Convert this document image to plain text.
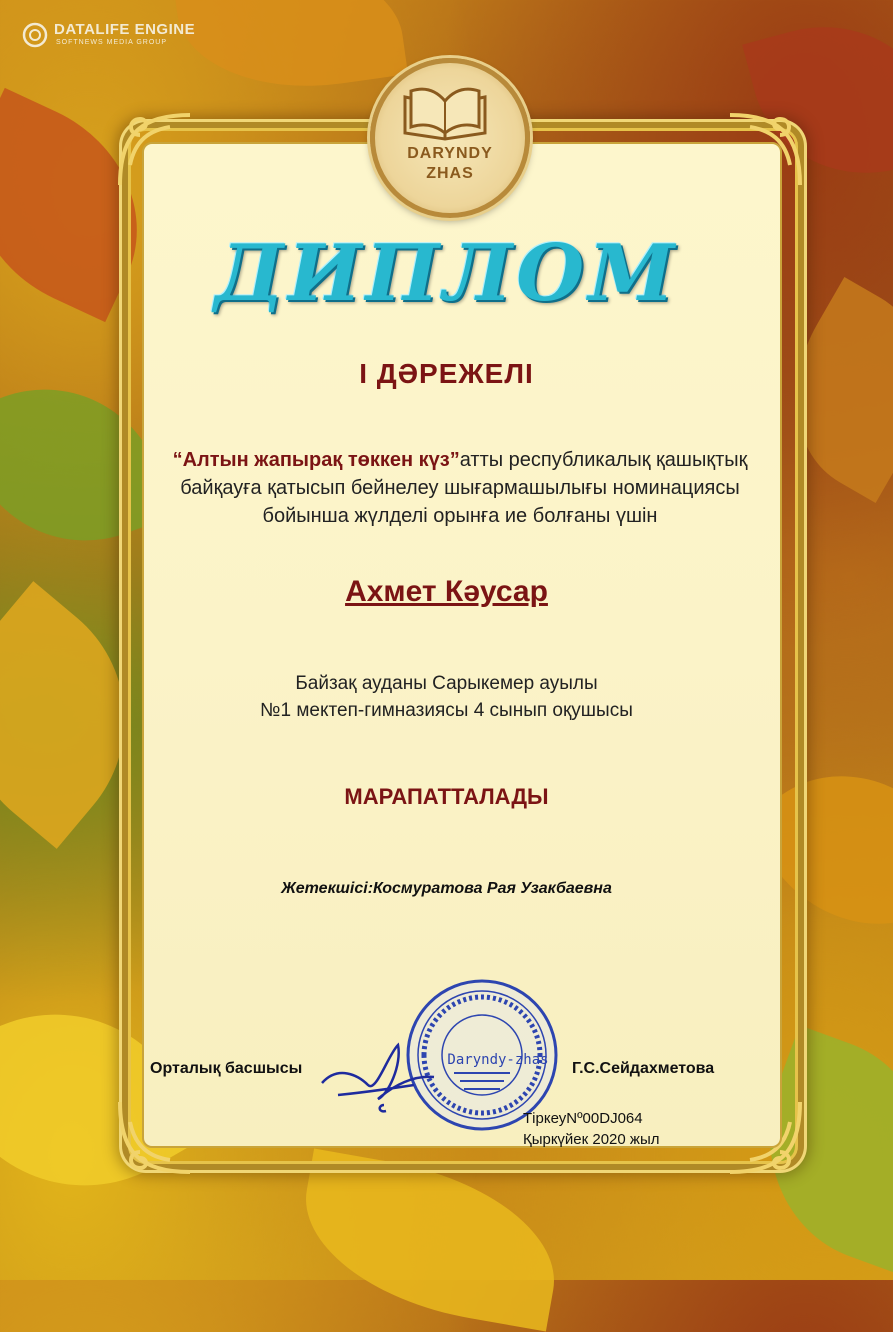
DATALIFE ENGINE
SOFTNEWS MEDIA GROUP
DARYNDY
ZHAS
ДИПЛОМ
І ДӘРЕЖЕЛІ
“Алтын жапырақ төккен күз”атты республикалық қашықтық
байқауға қатысып бейнелеу шығармашылығы номинациясы
бойынша жүлделі орынға ие болғаны үшін
Ахмет Кәусар
Байзақ ауданы Сарыкемер ауылы
№1 мектеп-гимназиясы 4 сынып оқушысы
МАРАПАТТАЛАДЫ
Жетекшісі:Космуратова Рая Узакбаевна
Орталық басшысы	Daryndy-zhas	Г.С.Сейдахметова
ТіркеуNº00DJ064
Қыркүйек 2020 жыл
